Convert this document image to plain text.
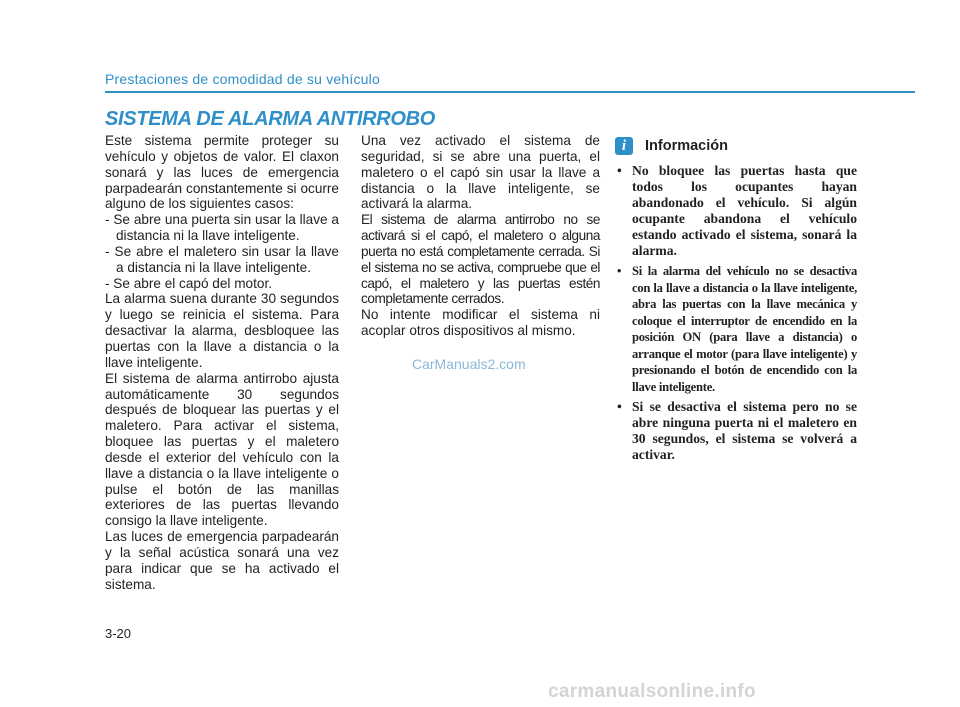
Prestaciones de comodidad de su vehículo
SISTEMA DE ALARMA ANTIRROBO

Este sistema permite proteger su vehículo y objetos de valor. El claxon sonará y las luces de emergencia parpadearán constantemente si ocurre alguno de los siguientes casos:

- Se abre una puerta sin usar la llave a distancia ni la llave inteligente.

- Se abre el maletero sin usar la llave a distancia ni la llave inteligente.

- Se abre el capó del motor.

La alarma suena durante 30 segundos y luego se reinicia el sistema. Para desactivar la alarma, desbloquee las puertas con la llave a distancia o la llave inteligente.

El sistema de alarma antirrobo ajusta automáticamente 30 segundos después de bloquear las puertas y el maletero. Para activar el sistema, bloquee las puertas y el maletero desde el exterior del vehículo con la llave a distancia o la llave inteligente o pulse el botón de las manillas exteriores de las puertas llevando consigo la llave inteligente.

Las luces de emergencia parpadearán y la señal acústica sonará una vez para indicar que se ha activado el sistema.

Una vez activado el sistema de seguridad, si se abre una puerta, el maletero o el capó sin usar la llave a distancia o la llave inteligente, se activará la alarma.

El sistema de alarma antirrobo no se activará si el capó, el maletero o alguna puerta no está completamente cerrada. Si el sistema no se activa, compruebe que el capó, el maletero y las puertas estén completamente cerrados.

No intente modificar el sistema ni acoplar otros dispositivos al mismo.

i	Información
• No bloquee las puertas hasta que todos los ocupantes hayan abandonado el vehículo. Si algún ocupante abandona el vehículo estando activado el sistema, sonará la alarma.
• Si la alarma del vehículo no se desactiva con la llave a distancia o la llave inteligente, abra las puertas con la llave mecánica y coloque el interruptor de encendido en la posición ON (para llave a distancia) o arranque el motor (para llave inteligente) y presionando el botón de encendido con la llave inteligente.
• Si se desactiva el sistema pero no se abre ninguna puerta ni el maletero en 30 segundos, el sistema se volverá a activar.
CarManuals2.com
3-20
carmanualsonline.info
